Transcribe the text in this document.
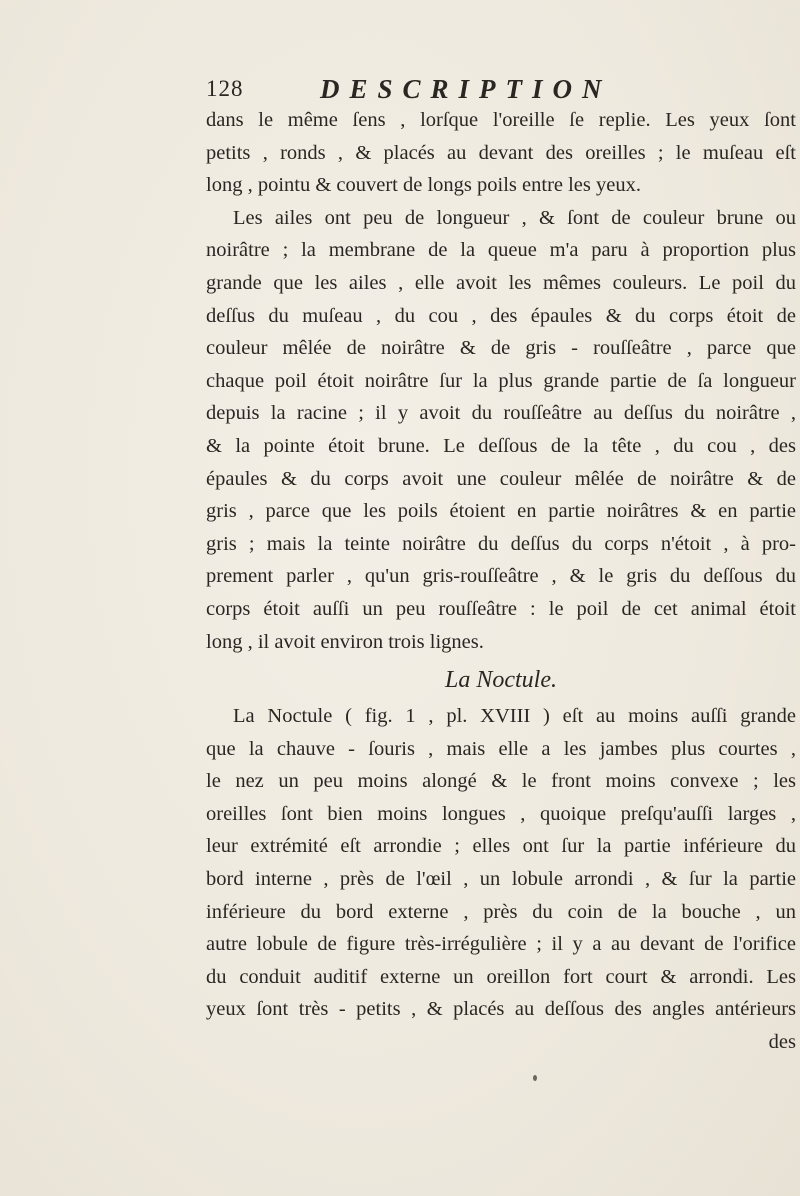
128	DESCRIPTION
dans le même ſens , lorſque l'oreille ſe replie. Les yeux ſont
petits , ronds , & placés au devant des oreilles ; le muſeau eſt
long , pointu & couvert de longs poils entre les yeux.
Les ailes ont peu de longueur , & ſont de couleur brune ou
noirâtre ; la membrane de la queue m'a paru à proportion plus
grande que les ailes , elle avoit les mêmes couleurs. Le poil du
deſſus du muſeau , du cou , des épaules & du corps étoit de
couleur mêlée de noirâtre & de gris - rouſſeâtre , parce que
chaque poil étoit noirâtre ſur la plus grande partie de ſa longueur
depuis la racine ; il y avoit du rouſſeâtre au deſſus du noirâtre ,
& la pointe étoit brune. Le deſſous de la tête , du cou , des
épaules & du corps avoit une couleur mêlée de noirâtre & de
gris , parce que les poils étoient en partie noirâtres & en partie
gris ; mais la teinte noirâtre du deſſus du corps n'étoit , à pro-
prement parler , qu'un gris-rouſſeâtre , & le gris du deſſous du
corps étoit auſſi un peu rouſſeâtre : le poil de cet animal étoit
long , il avoit environ trois lignes.
La Noctule.
La Noctule ( fig. 1 , pl. XVIII ) eſt au moins auſſi grande
que la chauve - ſouris , mais elle a les jambes plus courtes ,
le nez un peu moins alongé & le front moins convexe ; les
oreilles ſont bien moins longues , quoique preſqu'auſſi larges ,
leur extrémité eſt arrondie ; elles ont ſur la partie inférieure du
bord interne , près de l'œil , un lobule arrondi , & ſur la partie
inférieure du bord externe , près du coin de la bouche , un
autre lobule de figure très-irrégulière ; il y a au devant de l'orifice
du conduit auditif externe un oreillon fort court & arrondi. Les
yeux ſont très - petits , & placés au deſſous des angles antérieurs
des
